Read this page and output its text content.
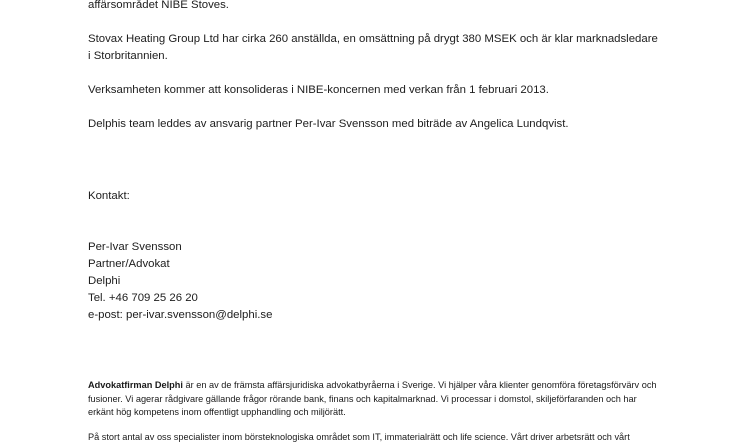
affärsområdet NIBE Stoves.

Stovax Heating Group Ltd har cirka 260 anställda, en omsättning på drygt 380 MSEK och är klar marknadsledare i Storbritannien.

Verksamheten kommer att konsolideras i NIBE-koncernen med verkan från 1 februari 2013.

Delphis team leddes av ansvarig partner Per-Ivar Svensson med biträde av Angelica Lundqvist.

Kontakt:

Per-Ivar Svensson

Partner/Advokat

Delphi

Tel. +46 709 25 26 20

e-post: per-ivar.svensson@delphi.se

Advokatfirman Delphi är en av de främsta affärsjuridiska advokatbyråerna i Sverige. Vi hjälper våra klienter genomföra företagsförvärv och

fusioner. Vi agerar rådgivare gällande frågor rörande bank, finans och kapitalmarknad. Vi processar i domstol, skiljeförfaranden och har

erkänt hög kompetens inom offentligt upphandling och miljörätt.

På stort antal av oss specialister inom börsteknologiska området som IT, immaterialrätt och life science. Vårt driver arbetsrätt och vårt
